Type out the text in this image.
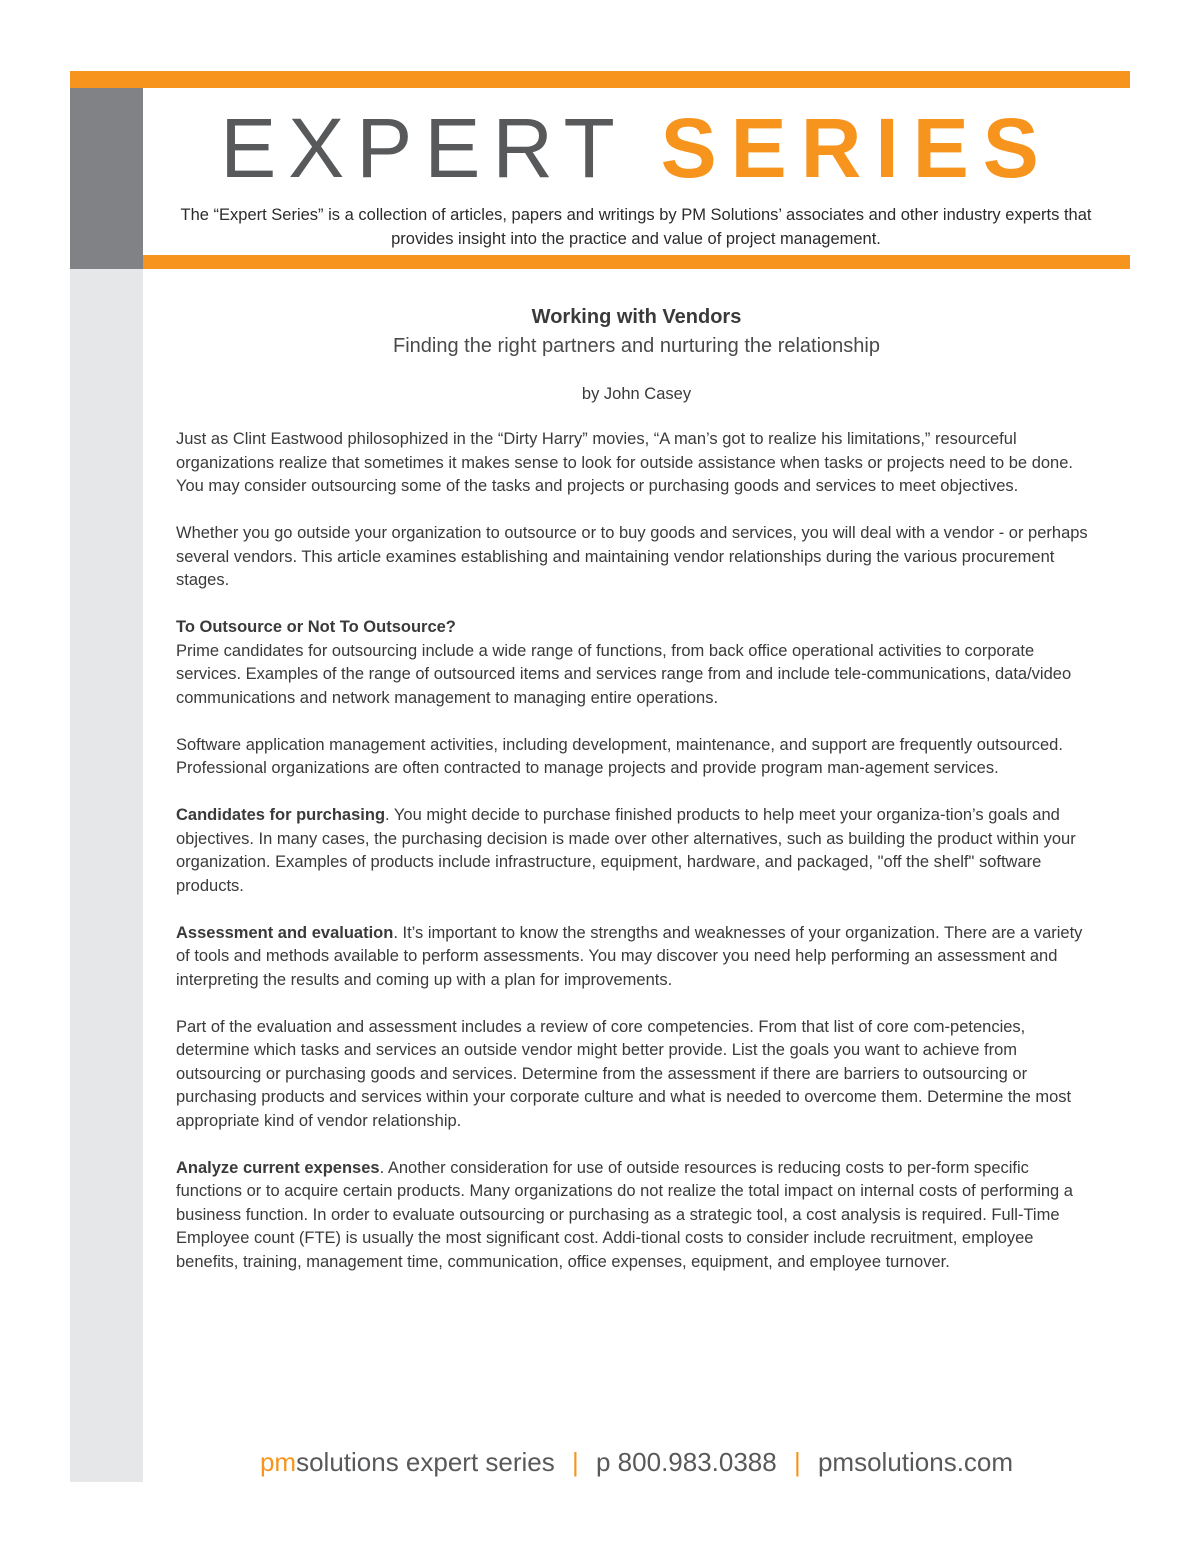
EXPERT SERIES
The “Expert Series” is a collection of articles, papers and writings by PM Solutions’ associates and other industry experts that provides insight into the practice and value of project management.
Working with Vendors
Finding the right partners and nurturing the relationship
by John Casey

Just as Clint Eastwood philosophized in the “Dirty Harry” movies, “A man’s got to realize his limitations,” resourceful organizations realize that sometimes it makes sense to look for outside assistance when tasks or projects need to be done. You may consider outsourcing some of the tasks and projects or purchasing goods and services to meet objectives.

Whether you go outside your organization to outsource or to buy goods and services, you will deal with a vendor - or perhaps several vendors. This article examines establishing and maintaining vendor relationships during the various procurement stages.

To Outsource or Not To Outsource?
Prime candidates for outsourcing include a wide range of functions, from back office operational activities to corporate services. Examples of the range of outsourced items and services range from and include tele-communications, data/video communications and network management to managing entire operations.

Software application management activities, including development, maintenance, and support are frequently outsourced. Professional organizations are often contracted to manage projects and provide program man-agement services.

Candidates for purchasing. You might decide to purchase finished products to help meet your organiza-tion’s goals and objectives. In many cases, the purchasing decision is made over other alternatives, such as building the product within your organization. Examples of products include infrastructure, equipment, hardware, and packaged, "off the shelf" software products.

Assessment and evaluation. It’s important to know the strengths and weaknesses of your organization. There are a variety of tools and methods available to perform assessments. You may discover you need help performing an assessment and interpreting the results and coming up with a plan for improvements.

Part of the evaluation and assessment includes a review of core competencies. From that list of core com-petencies, determine which tasks and services an outside vendor might better provide. List the goals you want to achieve from outsourcing or purchasing goods and services. Determine from the assessment if there are barriers to outsourcing or purchasing products and services within your corporate culture and what is needed to overcome them. Determine the most appropriate kind of vendor relationship.

Analyze current expenses. Another consideration for use of outside resources is reducing costs to per-form specific functions or to acquire certain products. Many organizations do not realize the total impact on internal costs of performing a business function. In order to evaluate outsourcing or purchasing as a strategic tool, a cost analysis is required. Full-Time Employee count (FTE) is usually the most significant cost. Addi-tional costs to consider include recruitment, employee benefits, training, management time, communication, office expenses, equipment, and employee turnover.

pmsolutions expert series | p 800.983.0388 | pmsolutions.com
